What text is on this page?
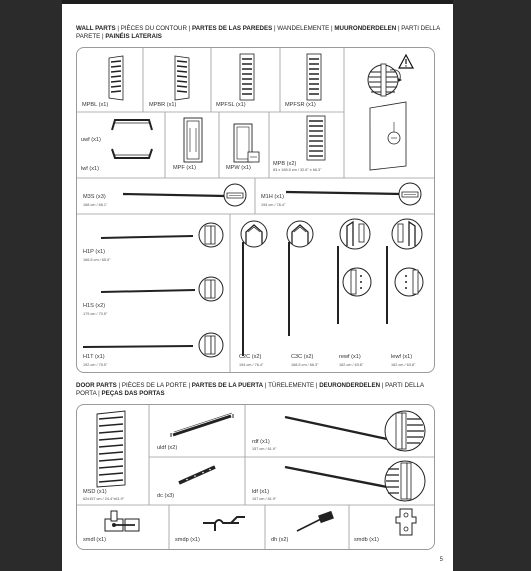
WALL PARTS | PIÈCES DU CONTOUR | PARTES DE LAS PAREDES | WANDELEMENTE | MUURONDERDELEN | PARTI DELLA PARETE | PAINÉIS LATERAIS
MPBL (x1)	MPBR (x1)	MPFSL (x1)	MPFSR (x1)
uwf (x1)
lwf (x1)	MPF (x1)	MPW (x1)
MPB (x2)
83 x 168.5 cm / 32.6" x 66.3"
M3S (x3)
168 cm / 66.1"
M1H (x1)
194 cm / 76.4"
H1P (x1)
166.5 cm / 65.5"
H1S (x2)
179 cm / 70.5"
H1T (x1)
192 cm / 75.5"
C2C (x2)
194 cm / 76.4"
C3C (x2)
168.5 cm / 66.3"
rewf (x1)
162 cm / 63.8"
lewf (x1)
162 cm / 63.8"
DOOR PARTS | PIÈCES DE LA PORTE | PARTES DE LA PUERTA | TÜRELEMENTE | DEURONDERDELEN | PARTI DELLA PORTA | PEÇAS DAS PORTAS
MSD (x1)
62x157 cm / 24.4"x61.9"
uldf (x2)
dc (x3)
rdf (x1)
157 cm / 61.9"
ldf (x1)
157 cm / 61.9"
smdl (x1)	smdp (x1)	dh (x2)	smdb (x1)
5
